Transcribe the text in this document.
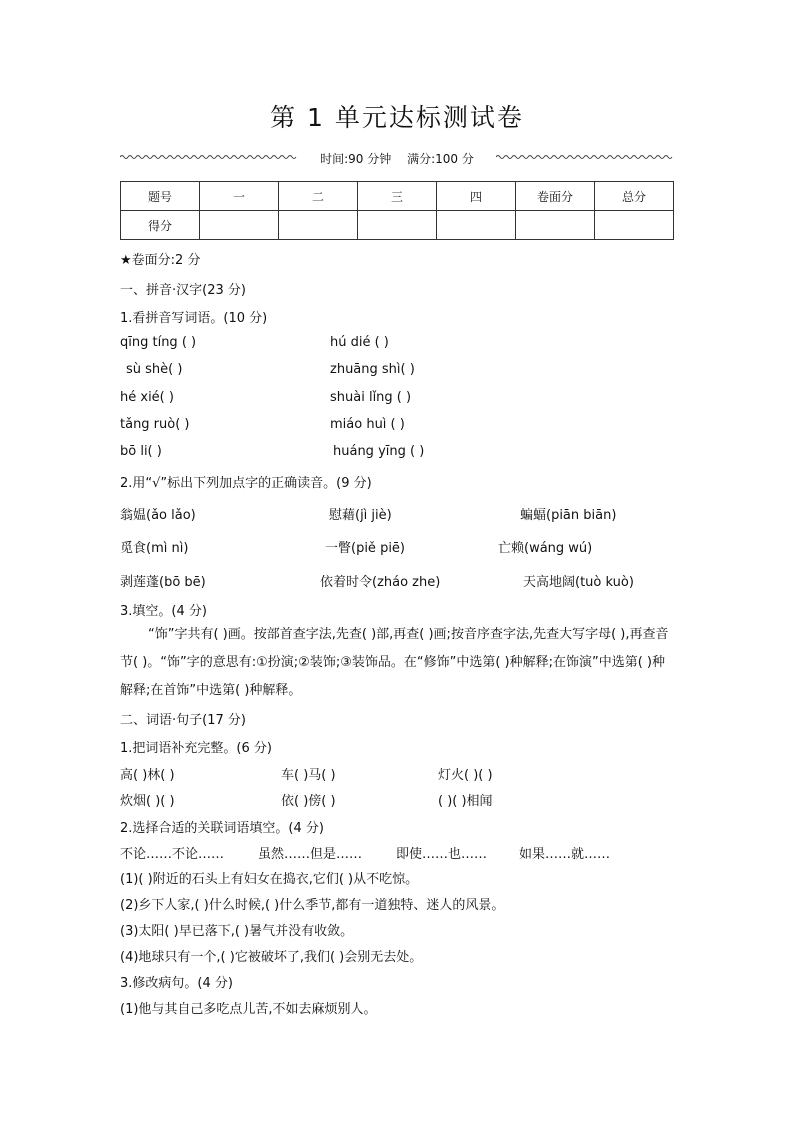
第 1 单元达标测试卷
时间:90 分钟 满分:100 分
题号	一	二	三	四	卷面分	总分
得分						
★卷面分:2 分
一、拼音·汉字(23 分)
1.看拼音写词语。(10 分)
qīng tíng ( )	hú dié ( )
sù shè( )	zhuāng shì( )
hé xié( )	shuài lǐng ( )
tǎng ruò( )	miáo huì ( )
bō li( )	huáng yīng ( )
2.用“√”标出下列加点字的正确读音。(9 分)
翁媪(ǎo lǎo)	慰藉(jì jiè)	蝙蝠(piān biān)
觅食(mì nì)	一瞥(piě piē)	亡赖(wáng wú)
剥莲蓬(bō bē)	依着时令(zháo zhe)	天高地阔(tuò kuò)
3.填空。(4 分)
“饰”字共有( )画。按部首查字法,先查( )部,再查( )画;按音序查字法,先查大写字母( ),再查音节( )。“饰”字的意思有:①扮演;②装饰;③装饰品。在“修饰”中选第( )种解释;在饰演”中选第( )种解释;在首饰”中选第( )种解释。
二、词语·句子(17 分)
1.把词语补充完整。(6 分)
高( )林( )	车( )马( )	灯火( )( )
炊烟( )( )	依( )傍( )	( )( )相闻
2.选择合适的关联词语填空。(4 分)
不论……不论……	虽然……但是……	即使……也…… 如果……就……
(1)( )附近的石头上有妇女在捣衣,它们( )从不吃惊。
(2)乡下人家,( )什么时候,( )什么季节,都有一道独特、迷人的风景。
(3)太阳( )早已落下,( )暑气并没有收敛。
(4)地球只有一个,( )它被破坏了,我们( )会别无去处。
3.修改病句。(4 分)
(1)他与其自己多吃点儿苦,不如去麻烦别人。
